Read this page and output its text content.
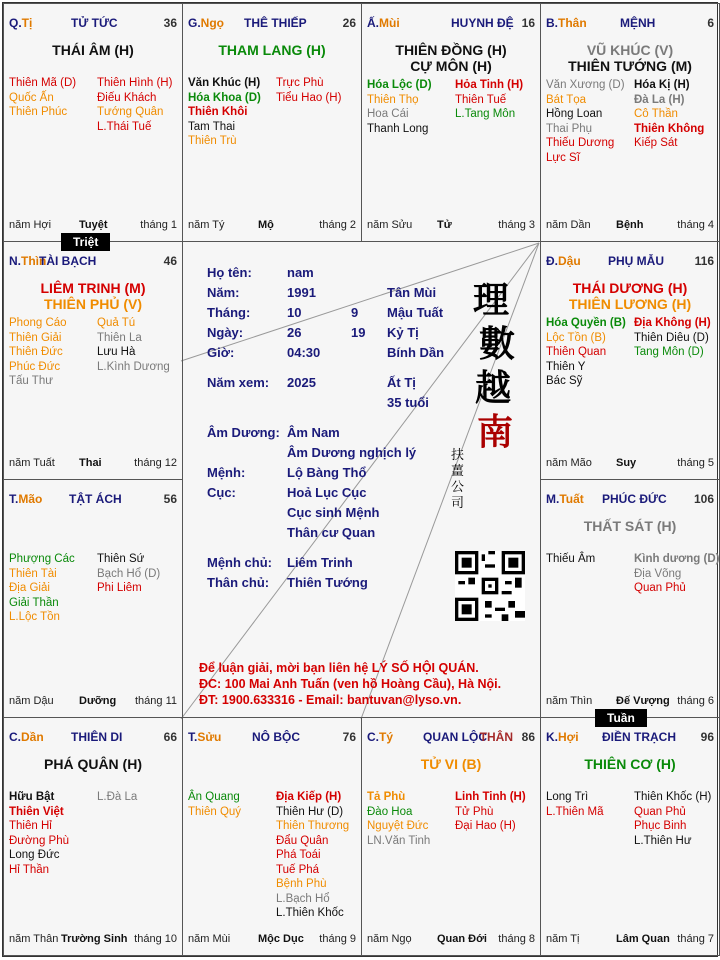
Q.Tị	TỬ TỨC	36
THÁI ÂM (H)
Thiên Mã (D)
Quốc Ấn
Thiên Phúc
Thiên Hình (H)
Điếu Khách
Tướng Quân
L.Thái Tuế
năm Hợi	Tuyệt	tháng 1
G.Ngọ THÊ THIẾP	26
THAM LANG (H)
Văn Khúc (H)
Hóa Khoa (D)
Thiên Khôi
Tam Thai
Thiên Trù
Trực Phù
Tiểu Hao (H)
năm Tý	Mộ	tháng 2
Ấ.Mùi	HUYNH ĐỆ 16
THIÊN ĐỒNG (H)
CỰ MÔN (H)
Hóa Lộc (D)
Thiên Thọ
Hoa Cái
Thanh Long
Hỏa Tinh (H)
Thiên Tuế
L.Tang Môn
năm Sửu Tử	tháng 3
B.Thân	MỆNH	6
VŨ KHÚC (V)
THIÊN TƯỚNG (M)
Văn Xương (D)
Bát Tọa
Hồng Loan
Thai Phụ
Thiếu Dương
Lực Sĩ
Hóa Kị (H)
Đà La (H)
Cô Thần
Thiên Không
Kiếp Sát
năm Dần Bệnh	tháng 4
N.Thìn
TÀI BẠCH	46
LIÊM TRINH (M)
THIÊN PHỦ (V)
Phong Cáo
Thiên Giải
Thiên Đức
Phúc Đức
Tấu Thư
Quả Tú
Thiên La
Lưu Hà
L.Kình Dương
năm Tuất Thai	tháng 12
Đ.Dậu PHỤ MẪU	116
THÁI DƯƠNG (H)
THIÊN LƯƠNG (H)
Hóa Quyền (B)
Lộc Tồn (B)
Thiên Quan
Thiên Y
Bác Sỹ
Địa Không (H)
Thiên Diêu (D)
Tang Môn (D)
năm Mão Suy	tháng 5
T.Mão TẬT ÁCH	56
Phượng Các
Thiên Tài
Địa Giải
Giải Thần
L.Lộc Tồn
Thiên Sứ
Bạch Hổ (D)
Phi Liêm
năm Dậu Dưỡng tháng 11
M.Tuất PHÚC ĐỨC 106
THẤT SÁT (H)
Thiếu Âm	Kình dương (D)
Địa Võng
Quan Phủ
năm Thìn Đế Vượng tháng 6
C.Dần THIÊN DI	66
PHÁ QUÂN (H)
Hữu Bật
Thiên Việt
Thiên Hỉ
Đường Phù
Long Đức
Hỉ Thần
L.Đà La
năm Thân Trường Sinh tháng 10
T.Sửu	NÔ BỘC	76
Ân Quang
Thiên Quý
Địa Kiếp (H)
Thiên Hư (D)
Thiên Thương
Đẩu Quân
Phá Toái
Tuế Phá
Bệnh Phù
L.Bạch Hổ
L.Thiên Khốc
năm Mùi	Mộc Dục tháng 9
C.Tý QUAN LỘC
THÂN 86
TỬ VI (B)
Tả Phù
Đào Hoa
Nguyệt Đức
LN.Văn Tinh
Linh Tinh (H)
Tử Phù
Đại Hao (H)
năm Ngọ Quan Đới tháng 8
K.Hợi ĐIỀN TRẠCH 96
THIÊN CƠ (H)
Long Trì
L.Thiên Mã
Thiên Khốc (H)
Quan Phủ
Phục Binh
L.Thiên Hư
năm Tị	Lâm Quan tháng 7
Triệt
Tuần
Họ tên:	nam
Năm:	1991	Tân Mùi
Tháng:	10	9 Mậu Tuất
Ngày:	26	19 Kỷ Tị
Giờ:	04:30	Bính Dần
Năm xem: 2025	Ất Tị
35 tuổi
Âm Dương: Âm Nam
Âm Dương nghịch lý
Mệnh:	Lộ Bàng Thổ
Cục:	Hoả Lục Cục
Cục sinh Mệnh
Thân cư Quan
Mệnh chủ: Liêm Trinh
Thân chủ: Thiên Tướng
Để luận giải, mời bạn liên hệ LÝ SỐ HỘI QUÁN.
ĐC: 100 Mai Anh Tuấn (ven hồ Hoàng Cầu), Hà Nội.
ĐT: 1900.633316 - Email: bantuvan@lyso.vn.
理
數
越
南
扶
薑
公
司
